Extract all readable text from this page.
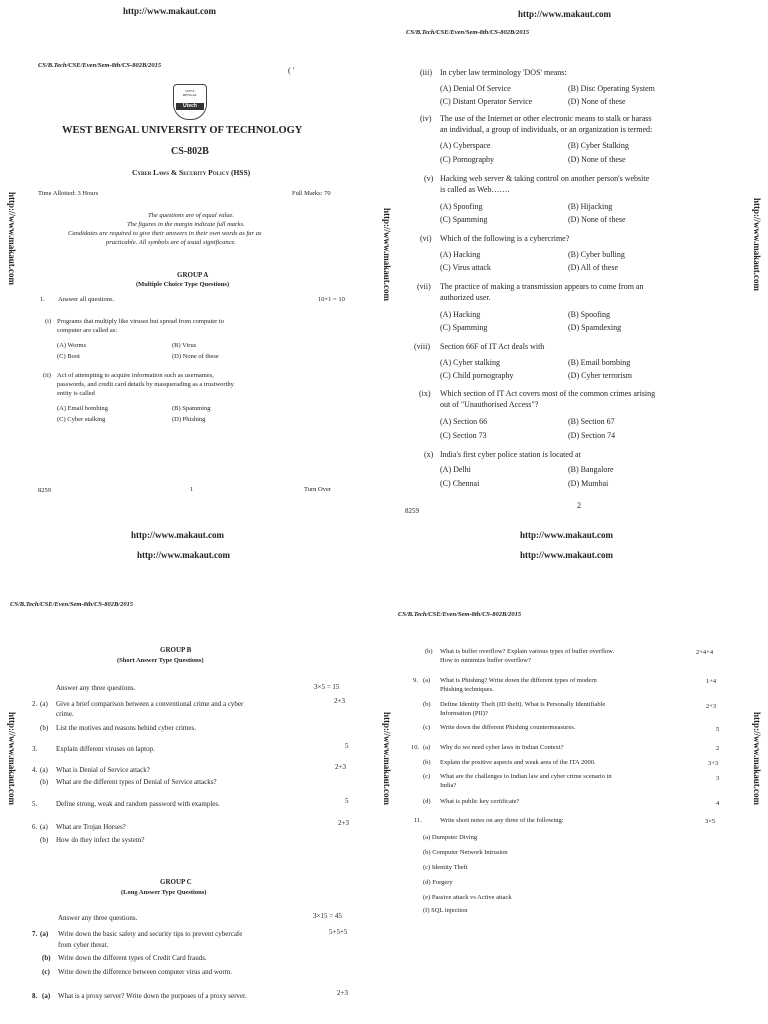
http://www.makaut.com	http://www.makaut.com
http://www.makaut.com	http://www.makaut.com	http://www.makaut.com
http://www.makaut.com	http://www.makaut.com	http://www.makaut.com
CS/B.Tech/CSE/Even/Sem-8th/CS-802B/2015
( ʹ
WEST BENGAL
Utech
WEST BENGAL UNIVERSITY OF TECHNOLOGY
CS-802B
Cyber Laws & Security Policy (HSS)
Time Allotted: 3 Hours	Full Marks: 70
The questions are of equal value.
The figures in the margin indicate full marks.
Candidates are required to give their answers in their own words as far as
practicable. All symbols are of usual significance.
GROUP A
(Multiple Choice Type Questions)
1. Answer all questions.	10×1 = 10
(i) Programs that multiply like viruses but spread from computer to
computer are called as:
(A) Worms	(B) Virus
(C) Boot	(D) None of these
(ii) Act of attempting to acquire information such as usernames,
passwords, and credit card details by masquerading as a trustworthy
entity is called
(A) Email bombing	(B) Spamming
(C) Cyber stalking	(D) Phishing
8259	1	Turn Over
CS/B.Tech/CSE/Even/Sem-8th/CS-802B/2015
(iii) In cyber law terminology 'DOS' means:
(A) Denial Of Service	(B) Disc Operating System
(C) Distant Operator Service	(D) None of these
(iv) The use of the Internet or other electronic means to stalk or harass
an individual, a group of individuals, or an organization is termed:
(A) Cyberspace	(B) Cyber Stalking
(C) Pornography	(D) None of these
(v) Hacking web server & taking control on another person's website
is called as Web…….
(A) Spoofing	(B) Hijacking
(C) Spamming	(D) None of these
(vi) Which of the following is a cybercrime?
(A) Hacking	(B) Cyber bulling
(C) Virus attack	(D) All of these
(vii) The practice of making a transmission appears to come from an
authorized user.
(A) Hacking	(B) Spoofing
(C) Spamming	(D) Spamdexing
(viii) Section 66F of IT Act deals with
(A) Cyber stalking	(B) Email bombing
(C) Child pornography	(D) Cyber terrorism
(ix) Which section of IT Act covers most of the common crimes arising
out of "Unauthorised Access"?
(A) Section 66	(B) Section 67
(C) Section 73	(D) Section 74
(x) India's first cyber police station is located at
(A) Delhi	(B) Bangalore
(C) Chennai	(D) Mumbai
8259
2
http://www.makaut.com	http://www.makaut.com
http://www.makaut.com	http://www.makaut.com
CS/B.Tech/CSE/Even/Sem-8th/CS-802B/2015
GROUP B
(Short Answer Type Questions)
Answer any three questions.	3×5 = 15
2. (a) Give a brief comparison between a conventional crime and a cyber
crime.
2+3
(b) List the motives and reasons behind cyber crimes.
3.	Explain different viruses on laptop.	5
4. (a) What is Denial of Service attack?	2+3
(b) What are the different types of Denial of Service attacks?
5.	Define strong, weak and random password with examples.	5
6. (a) What are Trojan Horses?	2+3
(b) How do they infect the system?
GROUP C
(Long Answer Type Questions)
Answer any three questions.	3×15 = 45
7. (a) Write down the basic safety and security tips to prevent cybercafe
from cyber threat.
5+5+5
(b) Write down the different types of Credit Card frauds.
(c) Write down the difference between computer virus and worm.
8. (a) What is a proxy server? Write down the purposes of a proxy server.	2+3
CS/B.Tech/CSE/Even/Sem-8th/CS-802B/2015
(b) What is buffer overflow? Explain various types of buffer overflow.
How to minimize buffer overflow?
2+4+4
9. (a) What is Phishing? Write down the different types of modern
Phishing techniques.
1+4
(b) Define Identity Theft (ID theft). What is Personally Identifiable
Information (PII)?
2+3
(c) Write down the different Phishing countermeasures.	5
10. (a) Why do we need cyber laws in Indian Context?	2
(b) Explain the positive aspects and weak area of the ITA 2000.	3+3
(c) What are the challenges to Indian law and cyber crime scenario in
India?
3
(d) What is public key certificate?	4
11.	Write short notes on any three of the following:	3×5
(a) Dumpster Diving
(b) Computer Network Intrusion
(c) Identity Theft
(d) Forgery
(e) Passive attack vs Active attack
(f) SQL injection
